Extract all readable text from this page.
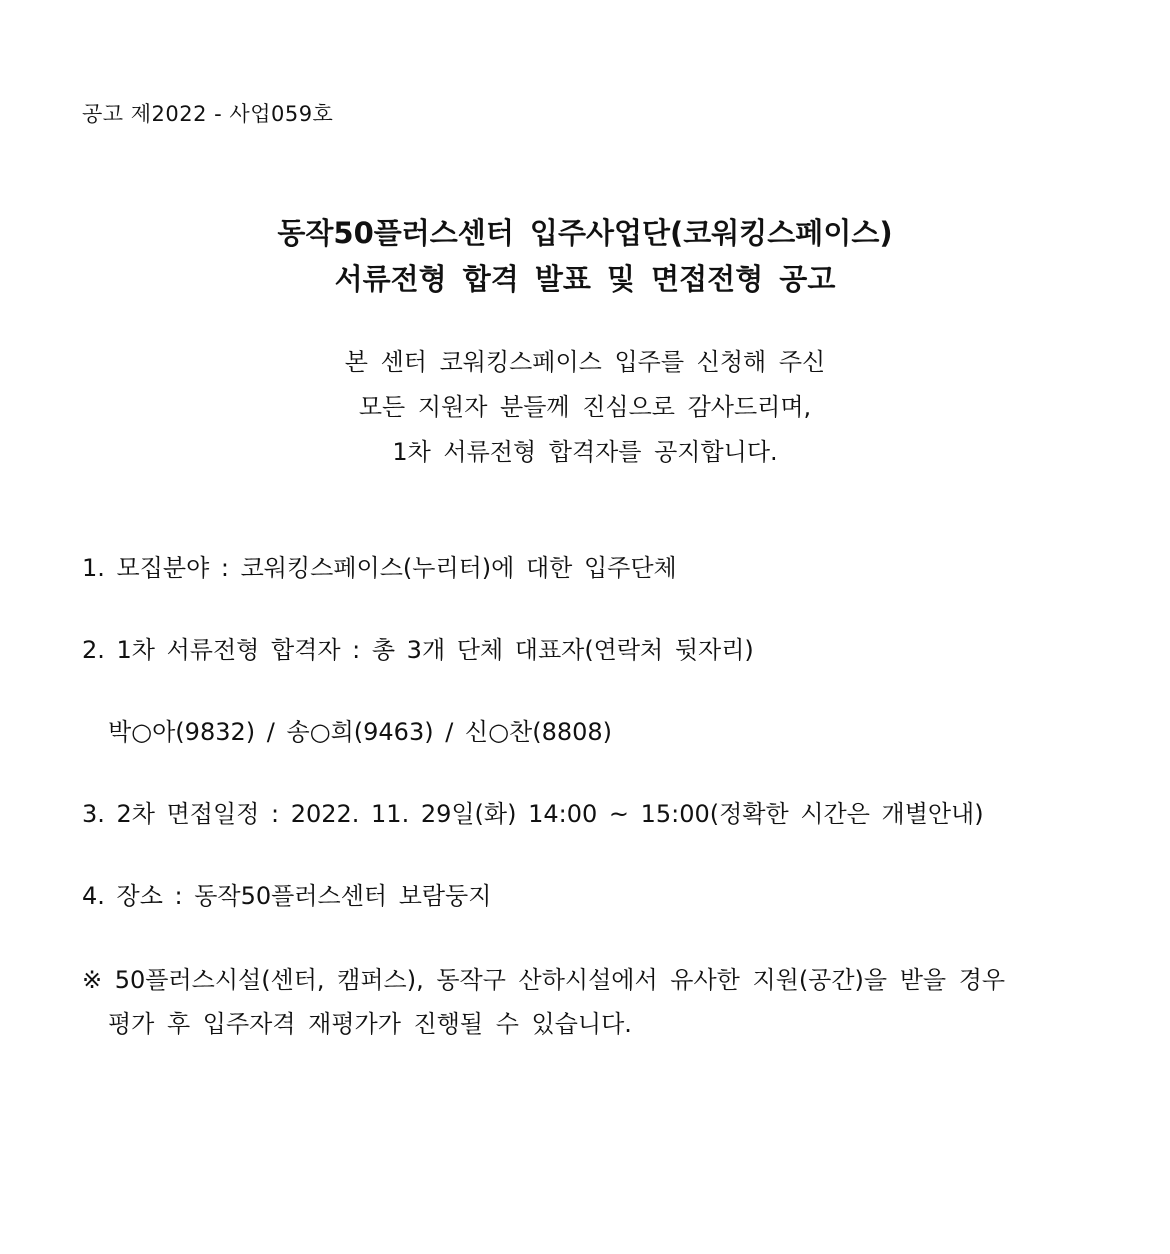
공고 제2022 - 사업059호
동작50플러스센터 입주사업단(코워킹스페이스)
서류전형 합격 발표 및 면접전형 공고
본 센터 코워킹스페이스 입주를 신청해 주신
모든 지원자 분들께 진심으로 감사드리며,
1차 서류전형 합격자를 공지합니다.
1. 모집분야 : 코워킹스페이스(누리터)에 대한 입주단체
2. 1차 서류전형 합격자 : 총 3개 단체 대표자(연락처 뒷자리)
박○아(9832) / 송○희(9463) / 신○찬(8808)
3. 2차 면접일정 : 2022. 11. 29일(화) 14:00 ~ 15:00(정확한 시간은 개별안내)
4. 장소 : 동작50플러스센터 보람둥지
※ 50플러스시설(센터, 캠퍼스), 동작구 산하시설에서 유사한 지원(공간)을 받을 경우
평가 후 입주자격 재평가가 진행될 수 있습니다.
